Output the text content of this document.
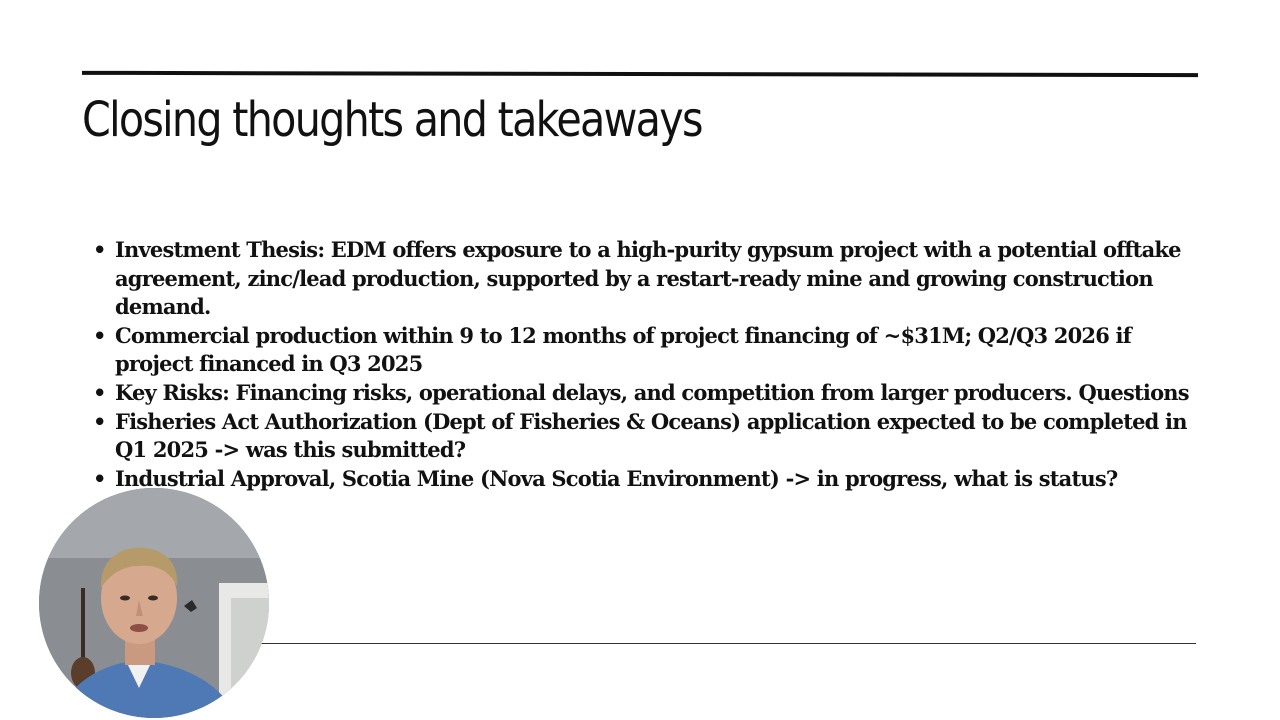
Closing thoughts and takeaways
• Investment Thesis: EDM offers exposure to a high-purity gypsum project with a potential offtake agreement, zinc/lead production, supported by a restart-ready mine and growing construction demand.
• Commercial production within 9 to 12 months of project financing of ~$31M; Q2/Q3 2026 if project financed in Q3 2025
• Key Risks: Financing risks, operational delays, and competition from larger producers. Questions
• Fisheries Act Authorization (Dept of Fisheries & Oceans) application expected to be completed in Q1 2025 -> was this submitted?
• Industrial Approval, Scotia Mine (Nova Scotia Environment) -> in progress, what is status?
